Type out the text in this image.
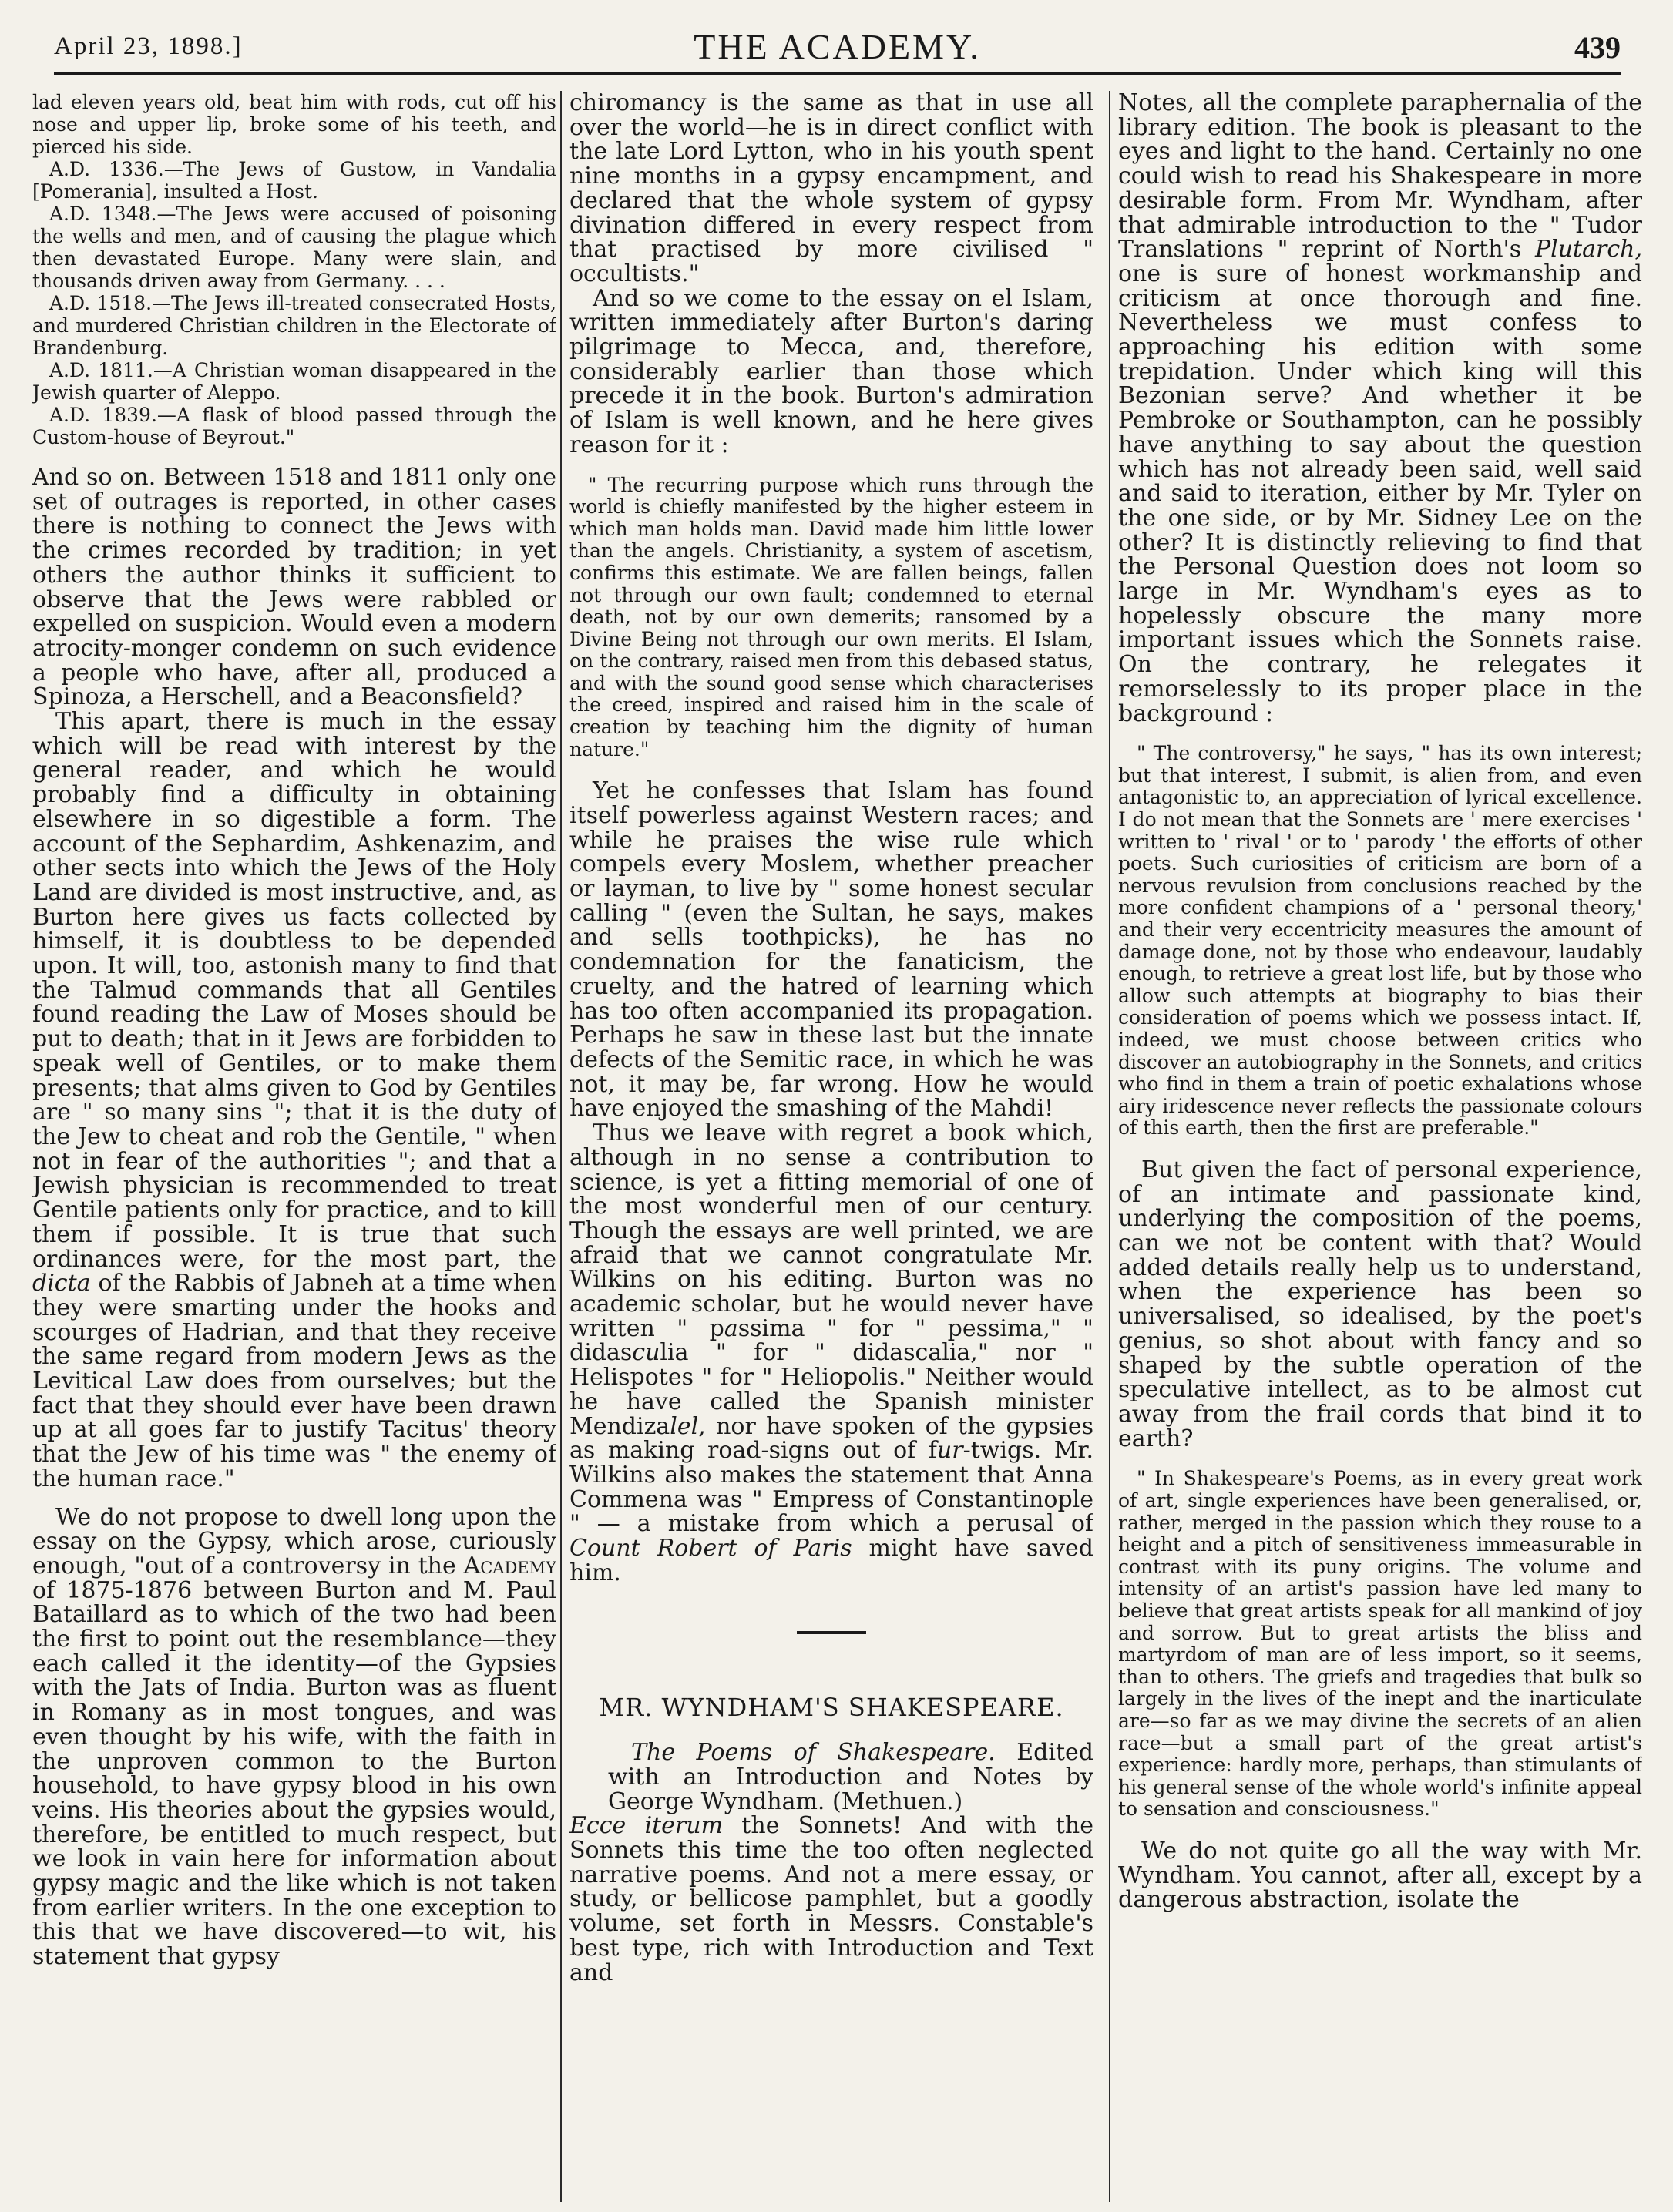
April 23, 1898.]	THE ACADEMY.	439

lad eleven years old, beat him with rods, cut off his nose and upper lip, broke some of his teeth, and pierced his side.

A.D. 1336.—The Jews of Gustow, in Vandalia [Pomerania], insulted a Host.

A.D. 1348.—The Jews were accused of poisoning the wells and men, and of causing the plague which then devastated Europe. Many were slain, and thousands driven away from Germany. . . .

A.D. 1518.—The Jews ill-treated consecrated Hosts, and murdered Christian children in the Electorate of Brandenburg.

A.D. 1811.—A Christian woman disappeared in the Jewish quarter of Aleppo.

A.D. 1839.—A flask of blood passed through the Custom-house of Beyrout."

And so on. Between 1518 and 1811 only one set of outrages is reported, in other cases there is nothing to connect the Jews with the crimes recorded by tradition; in yet others the author thinks it sufficient to observe that the Jews were rabbled or expelled on suspicion. Would even a modern atrocity-monger condemn on such evidence a people who have, after all, produced a Spinoza, a Herschell, and a Beaconsfield?

This apart, there is much in the essay which will be read with interest by the general reader, and which he would probably find a difficulty in obtaining elsewhere in so digestible a form. The account of the Sephardim, Ashkenazim, and other sects into which the Jews of the Holy Land are divided is most instructive, and, as Burton here gives us facts collected by himself, it is doubtless to be depended upon. It will, too, astonish many to find that the Talmud commands that all Gentiles found reading the Law of Moses should be put to death; that in it Jews are forbidden to speak well of Gentiles, or to make them presents; that alms given to God by Gentiles are " so many sins "; that it is the duty of the Jew to cheat and rob the Gentile, " when not in fear of the authorities "; and that a Jewish physician is recommended to treat Gentile patients only for practice, and to kill them if possible. It is true that such ordinances were, for the most part, the dicta of the Rabbis of Jabneh at a time when they were smarting under the hooks and scourges of Hadrian, and that they receive the same regard from modern Jews as the Levitical Law does from ourselves; but the fact that they should ever have been drawn up at all goes far to justify Tacitus' theory that the Jew of his time was " the enemy of the human race."

We do not propose to dwell long upon the essay on the Gypsy, which arose, curiously enough, "out of a controversy in the Academy of 1875-1876 between Burton and M. Paul Bataillard as to which of the two had been the first to point out the resemblance—they each called it the identity—of the Gypsies with the Jats of India. Burton was as fluent in Romany as in most tongues, and was even thought by his wife, with the faith in the unproven common to the Burton household, to have gypsy blood in his own veins. His theories about the gypsies would, therefore, be entitled to much respect, but we look in vain here for information about gypsy magic and the like which is not taken from earlier writers. In the one exception to this that we have discovered—to wit, his statement that gypsy

chiromancy is the same as that in use all over the world—he is in direct conflict with the late Lord Lytton, who in his youth spent nine months in a gypsy encampment, and declared that the whole system of gypsy divination differed in every respect from that practised by more civilised " occultists."

And so we come to the essay on el Islam, written immediately after Burton's daring pilgrimage to Mecca, and, therefore, considerably earlier than those which precede it in the book. Burton's admiration of Islam is well known, and he here gives reason for it :

" The recurring purpose which runs through the world is chiefly manifested by the higher esteem in which man holds man. David made him little lower than the angels. Christianity, a system of ascetism, confirms this estimate. We are fallen beings, fallen not through our own fault; condemned to eternal death, not by our own demerits; ransomed by a Divine Being not through our own merits. El Islam, on the contrary, raised men from this debased status, and with the sound good sense which characterises the creed, inspired and raised him in the scale of creation by teaching him the dignity of human nature."

Yet he confesses that Islam has found itself powerless against Western races; and while he praises the wise rule which compels every Moslem, whether preacher or layman, to live by " some honest secular calling " (even the Sultan, he says, makes and sells toothpicks), he has no condemnation for the fanaticism, the cruelty, and the hatred of learning which has too often accompanied its propagation. Perhaps he saw in these last but the innate defects of the Semitic race, in which he was not, it may be, far wrong. How he would have enjoyed the smashing of the Mahdi!

Thus we leave with regret a book which, although in no sense a contribution to science, is yet a fitting memorial of one of the most wonderful men of our century. Though the essays are well printed, we are afraid that we cannot congratulate Mr. Wilkins on his editing. Burton was no academic scholar, but he would never have written " passima " for " pessima," " didasculia " for " didascalia," nor " Helispotes " for " Heliopolis." Neither would he have called the Spanish minister Mendizalel, nor have spoken of the gypsies as making road-signs out of fur-twigs. Mr. Wilkins also makes the statement that Anna Commena was " Empress of Constantinople " — a mistake from which a perusal of Count Robert of Paris might have saved him.

MR. WYNDHAM'S SHAKESPEARE.

The Poems of Shakespeare. Edited with an Introduction and Notes by George Wyndham. (Methuen.)

Ecce iterum the Sonnets! And with the Sonnets this time the too often neglected narrative poems. And not a mere essay, or study, or bellicose pamphlet, but a goodly volume, set forth in Messrs. Constable's best type, rich with Introduction and Text and

Notes, all the complete paraphernalia of the library edition. The book is pleasant to the eyes and light to the hand. Certainly no one could wish to read his Shakespeare in more desirable form. From Mr. Wyndham, after that admirable introduction to the " Tudor Translations " reprint of North's Plutarch, one is sure of honest workmanship and criticism at once thorough and fine. Nevertheless we must confess to approaching his edition with some trepidation. Under which king will this Bezonian serve? And whether it be Pembroke or Southampton, can he possibly have anything to say about the question which has not already been said, well said and said to iteration, either by Mr. Tyler on the one side, or by Mr. Sidney Lee on the other? It is distinctly relieving to find that the Personal Question does not loom so large in Mr. Wyndham's eyes as to hopelessly obscure the many more important issues which the Sonnets raise. On the contrary, he relegates it remorselessly to its proper place in the background :

" The controversy," he says, " has its own interest; but that interest, I submit, is alien from, and even antagonistic to, an appreciation of lyrical excellence. I do not mean that the Sonnets are ' mere exercises ' written to ' rival ' or to ' parody ' the efforts of other poets. Such curiosities of criticism are born of a nervous revulsion from conclusions reached by the more confident champions of a ' personal theory,' and their very eccentricity measures the amount of damage done, not by those who endeavour, laudably enough, to retrieve a great lost life, but by those who allow such attempts at biography to bias their consideration of poems which we possess intact. If, indeed, we must choose between critics who discover an autobiography in the Sonnets, and critics who find in them a train of poetic exhalations whose airy iridescence never reflects the passionate colours of this earth, then the first are preferable."

But given the fact of personal experience, of an intimate and passionate kind, underlying the composition of the poems, can we not be content with that? Would added details really help us to understand, when the experience has been so universalised, so idealised, by the poet's genius, so shot about with fancy and so shaped by the subtle operation of the speculative intellect, as to be almost cut away from the frail cords that bind it to earth?

" In Shakespeare's Poems, as in every great work of art, single experiences have been generalised, or, rather, merged in the passion which they rouse to a height and a pitch of sensitiveness immeasurable in contrast with its puny origins. The volume and intensity of an artist's passion have led many to believe that great artists speak for all mankind of joy and sorrow. But to great artists the bliss and martyrdom of man are of less import, so it seems, than to others. The griefs and tragedies that bulk so largely in the lives of the inept and the inarticulate are—so far as we may divine the secrets of an alien race—but a small part of the great artist's experience: hardly more, perhaps, than stimulants of his general sense of the whole world's infinite appeal to sensation and consciousness."

We do not quite go all the way with Mr. Wyndham. You cannot, after all, except by a dangerous abstraction, isolate the
